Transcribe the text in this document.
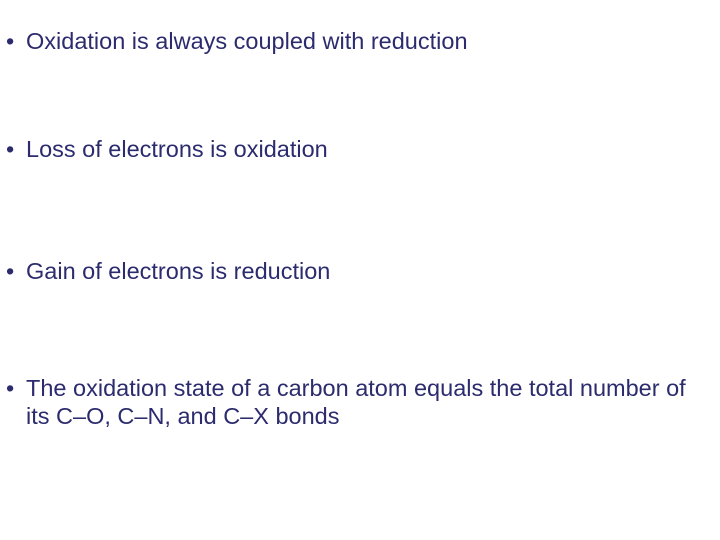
• Oxidation is always coupled with reduction
• Loss of electrons is oxidation
• Gain of electrons is reduction
• The oxidation state of a carbon atom equals the total number of its C–O, C–N, and C–X bonds
